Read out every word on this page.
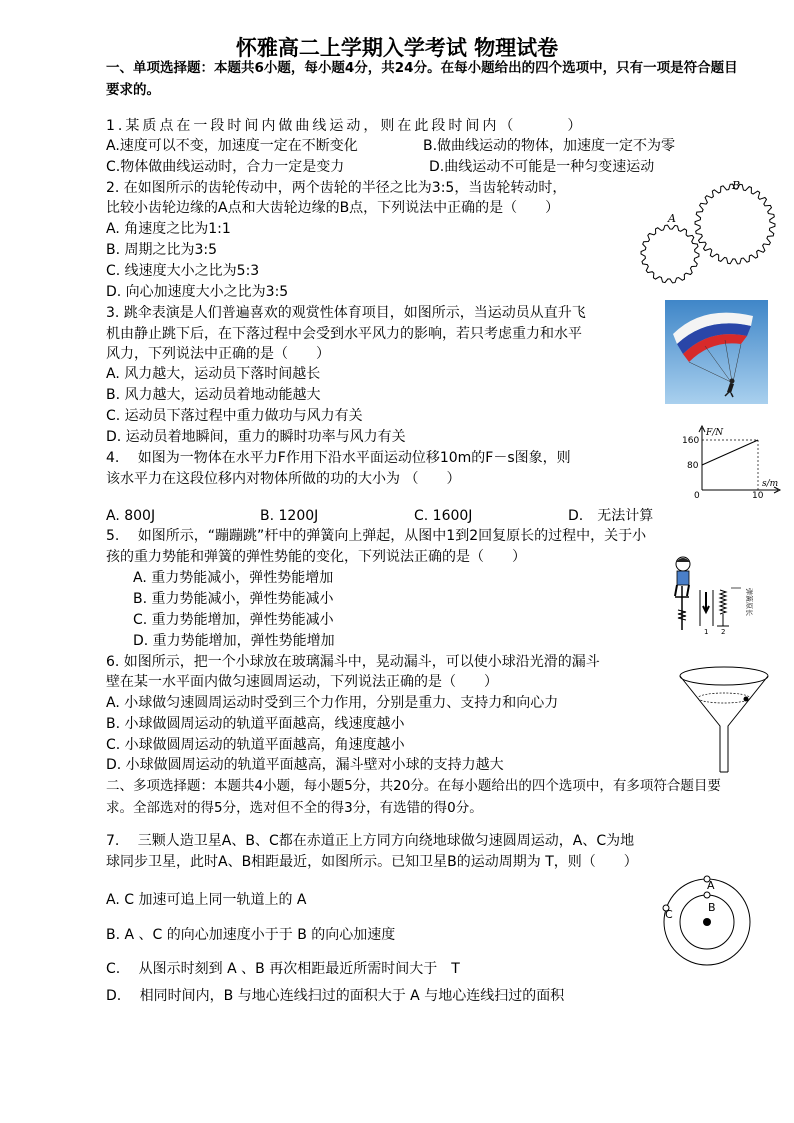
怀雅高二上学期入学考试 物理试卷
一、单项选择题：本题共6小题，每小题4分，共24分。在每小题给出的四个选项中，只有一项是符合题目要求的。
1.某质点在一段时间内做曲线运动，则在此段时间内（　　　）
A.速度可以不变，加速度一定在不断变化	B.做曲线运动的物体，加速度一定不为零
C.物体做曲线运动时，合力一定是变力	D.曲线运动不可能是一种匀变速运动
2. 在如图所示的齿轮传动中，两个齿轮的半径之比为3:5，当齿轮转动时，
比较小齿轮边缘的A点和大齿轮边缘的B点，下列说法中正确的是（　　）
A. 角速度之比为1:1
B. 周期之比为3:5
C. 线速度大小之比为5:3
D. 向心加速度大小之比为3:5
A
B
3. 跳伞表演是人们普遍喜欢的观赏性体育项目，如图所示，当运动员从直升飞
机由静止跳下后，在下落过程中会受到水平风力的影响，若只考虑重力和水平
风力，下列说法中正确的是（　　）
A. 风力越大，运动员下落时间越长
B. 风力越大，运动员着地动能越大
C. 运动员下落过程中重力做功与风力有关
D. 运动员着地瞬间，重力的瞬时功率与风力有关
4.　 如图为一物体在水平力F作用下沿水平面运动位移10m的F－s图象，则
该水平力在这段位移内对物体所做的功的大小为 （　　）
A. 800J	B. 1200J	C. 1600J	D.　无法计算
F/N
s/m
160
80
0	10
5.　 如图所示，“蹦蹦跳”杆中的弹簧向上弹起，从图中1到2回复原长的过程中，关于小
孩的重力势能和弹簧的弹性势能的变化，下列说法正确的是（　　）
A. 重力势能减小，弹性势能增加
B. 重力势能减小，弹性势能减小
C. 重力势能增加，弹性势能减小
D. 重力势能增加，弹性势能增加
1 2
弹簧原长
6. 如图所示，把一个小球放在玻璃漏斗中，晃动漏斗，可以使小球沿光滑的漏斗
壁在某一水平面内做匀速圆周运动，下列说法正确的是（　　）
A. 小球做匀速圆周运动时受到三个力作用，分别是重力、支持力和向心力
B. 小球做圆周运动的轨道平面越高，线速度越小
C. 小球做圆周运动的轨道平面越高，角速度越小
D. 小球做圆周运动的轨道平面越高，漏斗壁对小球的支持力越大
二、多项选择题：本题共4小题，每小题5分，共20分。在每小题给出的四个选项中，有多项符合题目要求。全部选对的得5分，选对但不全的得3分，有选错的得0分。
7.　 三颗人造卫星A、B、C都在赤道正上方同方向绕地球做匀速圆周运动，A、C为地
球同步卫星，此时A、B相距最近，如图所示。已知卫星B的运动周期为 T，则（　　）
A. C 加速可追上同一轨道上的 A
B. A 、C 的向心加速度小于于 B 的向心加速度
C.　 从图示时刻到 A 、B 再次相距最近所需时间大于　T
D.　 相同时间内，B 与地心连线扫过的面积大于 A 与地心连线扫过的面积
A
B
C
